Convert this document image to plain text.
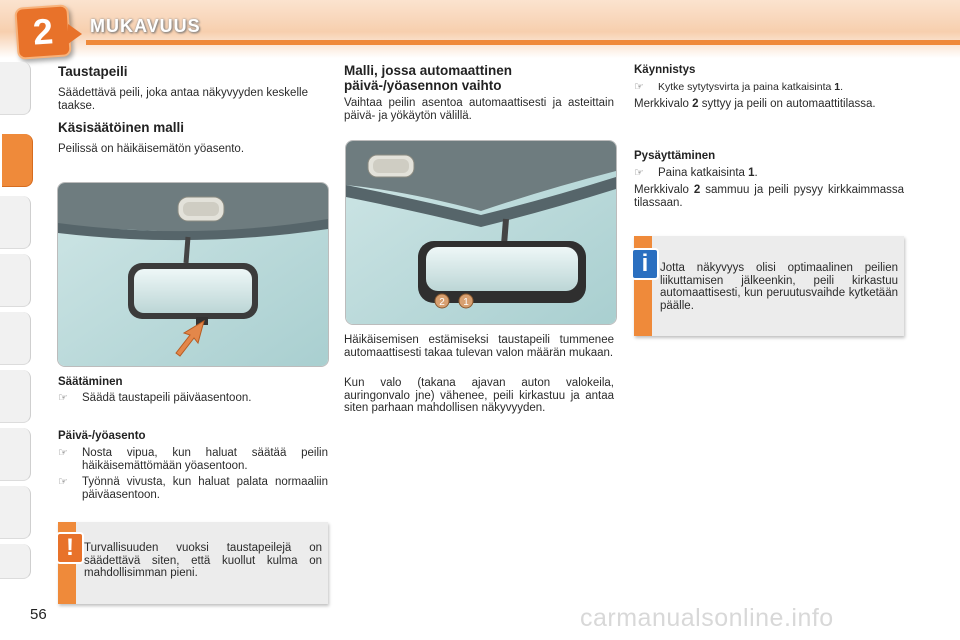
2	MUKAVUUS
Taustapeili
Säädettävä peili, joka antaa näkyvyyden keskelle taakse.
Käsisäätöinen malli
Peilissä on häikäisemätön yöasento.
Säätäminen
☞ Säädä taustapeili päiväasentoon.
Päivä-/yöasento
☞ Nosta vipua, kun haluat säätää peilin häikäisemättömään yöasentoon.
☞ Työnnä vivusta, kun haluat palata normaaliin päiväasentoon.
! Turvallisuuden vuoksi taustapeilejä on säädettävä siten, että kuollut kulma on mahdollisimman pieni.
Malli, jossa automaattinen päivä-/yöasennon vaihto
Vaihtaa peilin asentoa automaattisesti ja asteittain päivä- ja yökäytön välillä.
2 1
Häikäisemisen estämiseksi taustapeili tummenee automaattisesti takaa tulevan valon määrän mukaan.
Kun valo (takana ajavan auton valokeila, auringonvalo jne) vähenee, peili kirkastuu ja antaa siten parhaan mahdollisen näkyvyyden.
Käynnistys
☞ Kytke sytytysvirta ja paina katkaisinta 1.
Merkkivalo 2 syttyy ja peili on automaattitilassa.
Pysäyttäminen
☞ Paina katkaisinta 1.
Merkkivalo 2 sammuu ja peili pysyy kirkkaimmassa tilassaan.
i	Jotta näkyvyys olisi optimaalinen peilien liikuttamisen jälkeenkin, peili kirkastuu automaattisesti, kun peruutusvaihde kytketään päälle.
56	carmanualsonline.info
